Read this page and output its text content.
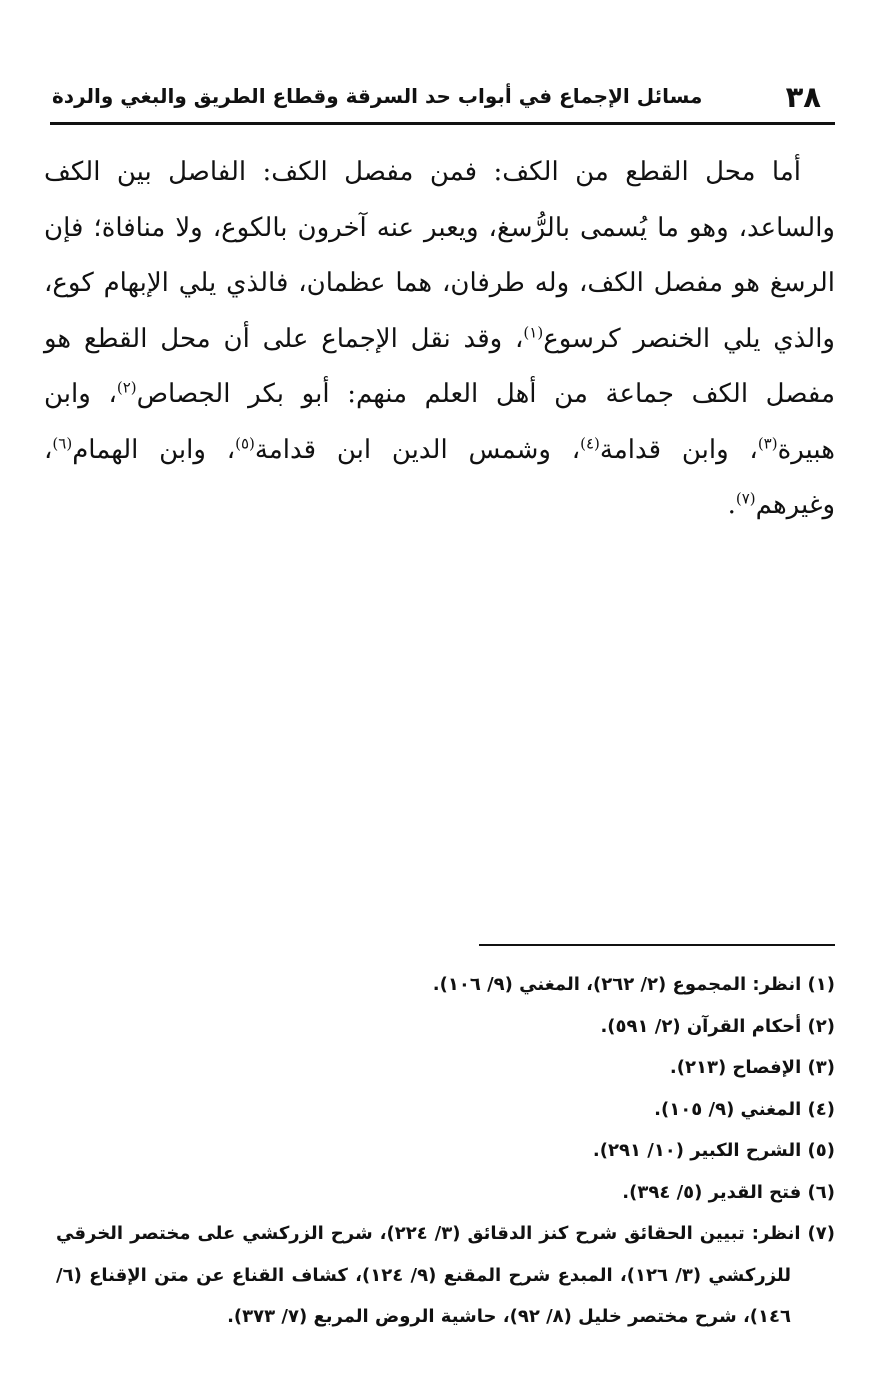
٣٨
مسائل الإجماع في أبواب حد السرقة وقطاع الطريق والبغي والردة

أما محل القطع من الكف: فمن مفصل الكف: الفاصل بين الكف والساعد، وهو ما يُسمى بالرُّسغ، ويعبر عنه آخرون بالكوع، ولا منافاة؛ فإن الرسغ هو مفصل الكف، وله طرفان، هما عظمان، فالذي يلي الإبهام كوع، والذي يلي الخنصر كرسوع$^{(١)}$، وقد نقل الإجماع على أن محل القطع هو مفصل الكف جماعة من أهل العلم منهم: أبو بكر الجصاص$^{(٢)}$، وابن هبيرة$^{(٣)}$، وابن قدامة$^{(٤)}$، وشمس الدين ابن قدامة$^{(٥)}$، وابن الهمام$^{(٦)}$، وغيرهم$^{(٧)}$.

(١) انظر: المجموع (٢/ ٢٦٢)، المغني (٩/ ١٠٦).
(٢) أحكام القرآن (٢/ ٥٩١).
(٣) الإفصاح (٢١٣).
(٤) المغني (٩/ ١٠٥).
(٥) الشرح الكبير (١٠/ ٢٩١).
(٦) فتح القدير (٥/ ٣٩٤).
(٧) انظر: تبيين الحقائق شرح كنز الدقائق (٣/ ٢٢٤)، شرح الزركشي على مختصر الخرقي للزركشي (٣/ ١٢٦)، المبدع شرح المقنع (٩/ ١٢٤)، كشاف القناع عن متن الإقناع (٦/ ١٤٦)، شرح مختصر خليل (٨/ ٩٢)، حاشية الروض المربع (٧/ ٣٧٣).
